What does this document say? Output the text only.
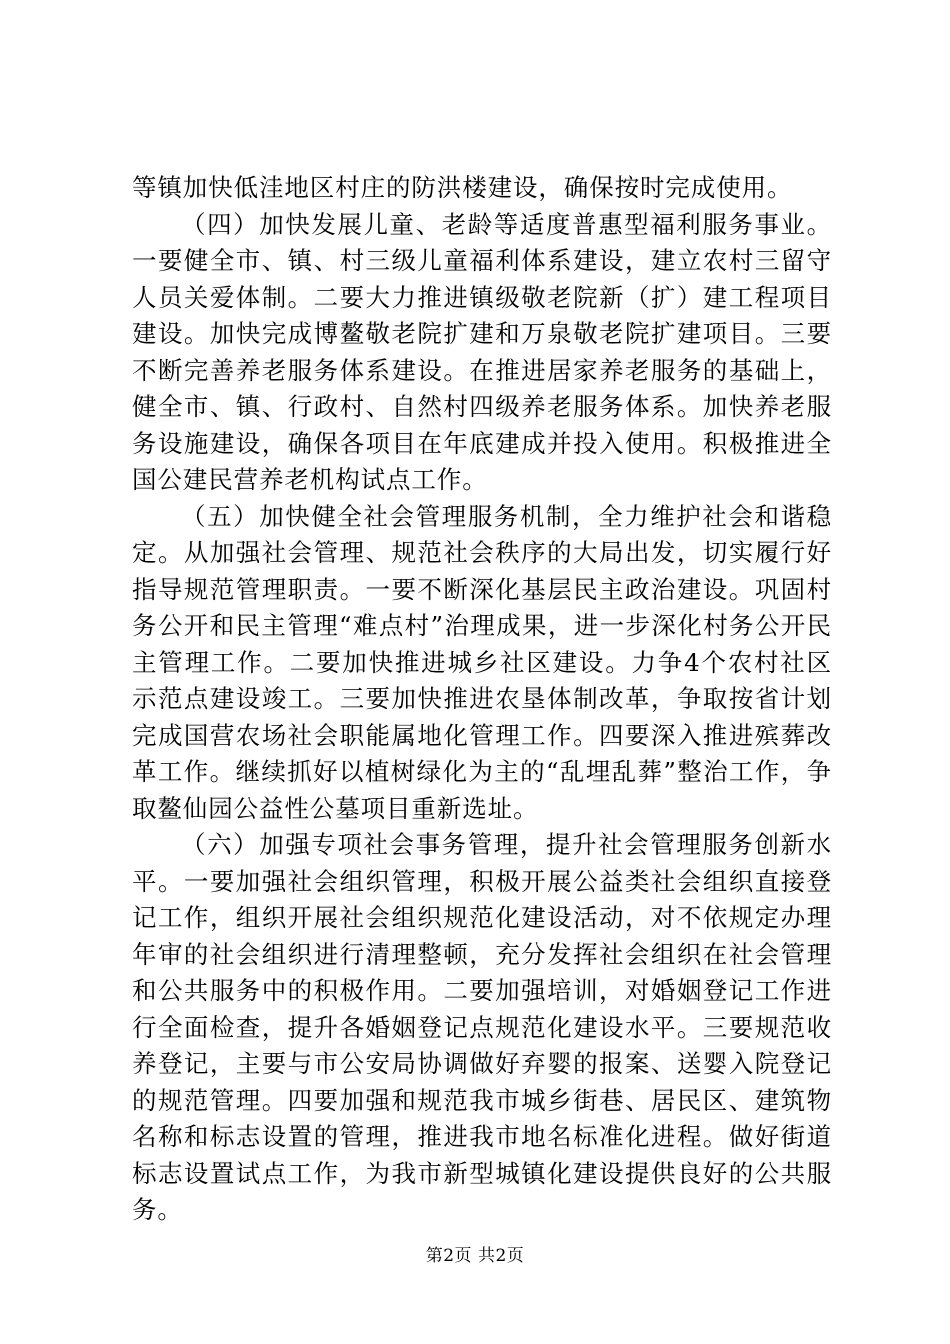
等镇加快低洼地区村庄的防洪楼建设，确保按时完成使用。

（四）加快发展儿童、老龄等适度普惠型福利服务事业。一要健全市、镇、村三级儿童福利体系建设，建立农村三留守人员关爱体制。二要大力推进镇级敬老院新（扩）建工程项目建设。加快完成博鳌敬老院扩建和万泉敬老院扩建项目。三要不断完善养老服务体系建设。在推进居家养老服务的基础上，健全市、镇、行政村、自然村四级养老服务体系。加快养老服务设施建设，确保各项目在年底建成并投入使用。积极推进全国公建民营养老机构试点工作。

（五）加快健全社会管理服务机制，全力维护社会和谐稳定。从加强社会管理、规范社会秩序的大局出发，切实履行好指导规范管理职责。一要不断深化基层民主政治建设。巩固村务公开和民主管理“难点村”治理成果，进一步深化村务公开民主管理工作。二要加快推进城乡社区建设。力争4个农村社区示范点建设竣工。三要加快推进农垦体制改革，争取按省计划完成国营农场社会职能属地化管理工作。四要深入推进殡葬改革工作。继续抓好以植树绿化为主的“乱埋乱葬”整治工作，争取鳌仙园公益性公墓项目重新选址。

（六）加强专项社会事务管理，提升社会管理服务创新水平。一要加强社会组织管理，积极开展公益类社会组织直接登记工作，组织开展社会组织规范化建设活动，对不依规定办理年审的社会组织进行清理整顿，充分发挥社会组织在社会管理和公共服务中的积极作用。二要加强培训，对婚姻登记工作进行全面检查，提升各婚姻登记点规范化建设水平。三要规范收养登记，主要与市公安局协调做好弃婴的报案、送婴入院登记的规范管理。四要加强和规范我市城乡街巷、居民区、建筑物名称和标志设置的管理，推进我市地名标准化进程。做好街道标志设置试点工作，为我市新型城镇化建设提供良好的公共服务。

第2页 共2页
